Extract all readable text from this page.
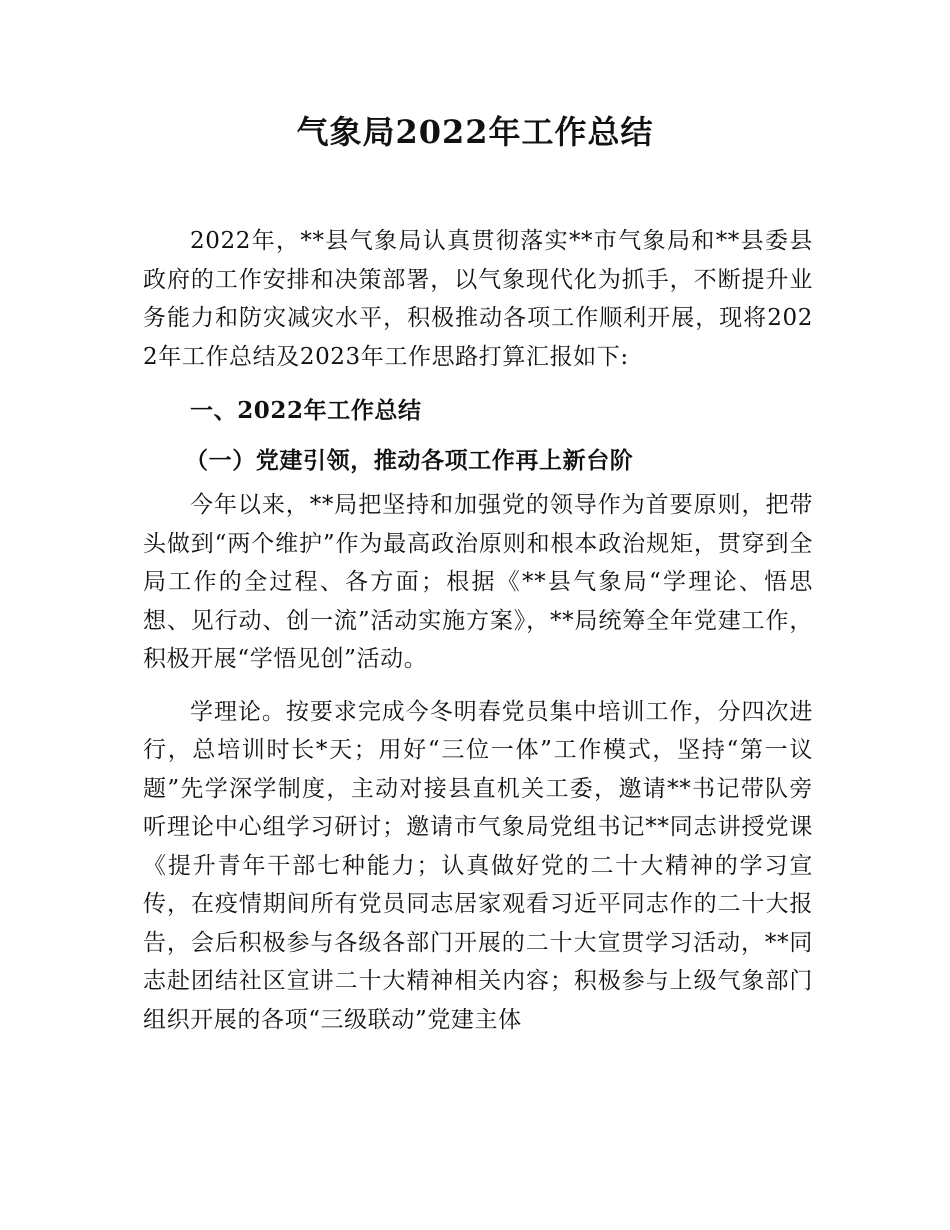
气象局2022年工作总结

2022年，**县气象局认真贯彻落实**市气象局和**县委县政府的工作安排和决策部署，以气象现代化为抓手，不断提升业务能力和防灾减灾水平，积极推动各项工作顺利开展，现将2022年工作总结及2023年工作思路打算汇报如下:

一、2022年工作总结

（一）党建引领，推动各项工作再上新台阶

今年以来，**局把坚持和加强党的领导作为首要原则，把带头做到“两个维护”作为最高政治原则和根本政治规矩，贯穿到全局工作的全过程、各方面；根据《**县气象局“学理论、悟思想、见行动、创一流”活动实施方案》，**局统筹全年党建工作，积极开展“学悟见创”活动。

学理论。按要求完成今冬明春党员集中培训工作，分四次进行，总培训时长*天；用好“三位一体”工作模式，坚持“第一议题”先学深学制度，主动对接县直机关工委，邀请**书记带队旁听理论中心组学习研讨；邀请市气象局党组书记**同志讲授党课《提升青年干部七种能力；认真做好党的二十大精神的学习宣传，在疫情期间所有党员同志居家观看习近平同志作的二十大报告，会后积极参与各级各部门开展的二十大宣贯学习活动，**同志赴团结社区宣讲二十大精神相关内容；积极参与上级气象部门组织开展的各项“三级联动”党建主体
